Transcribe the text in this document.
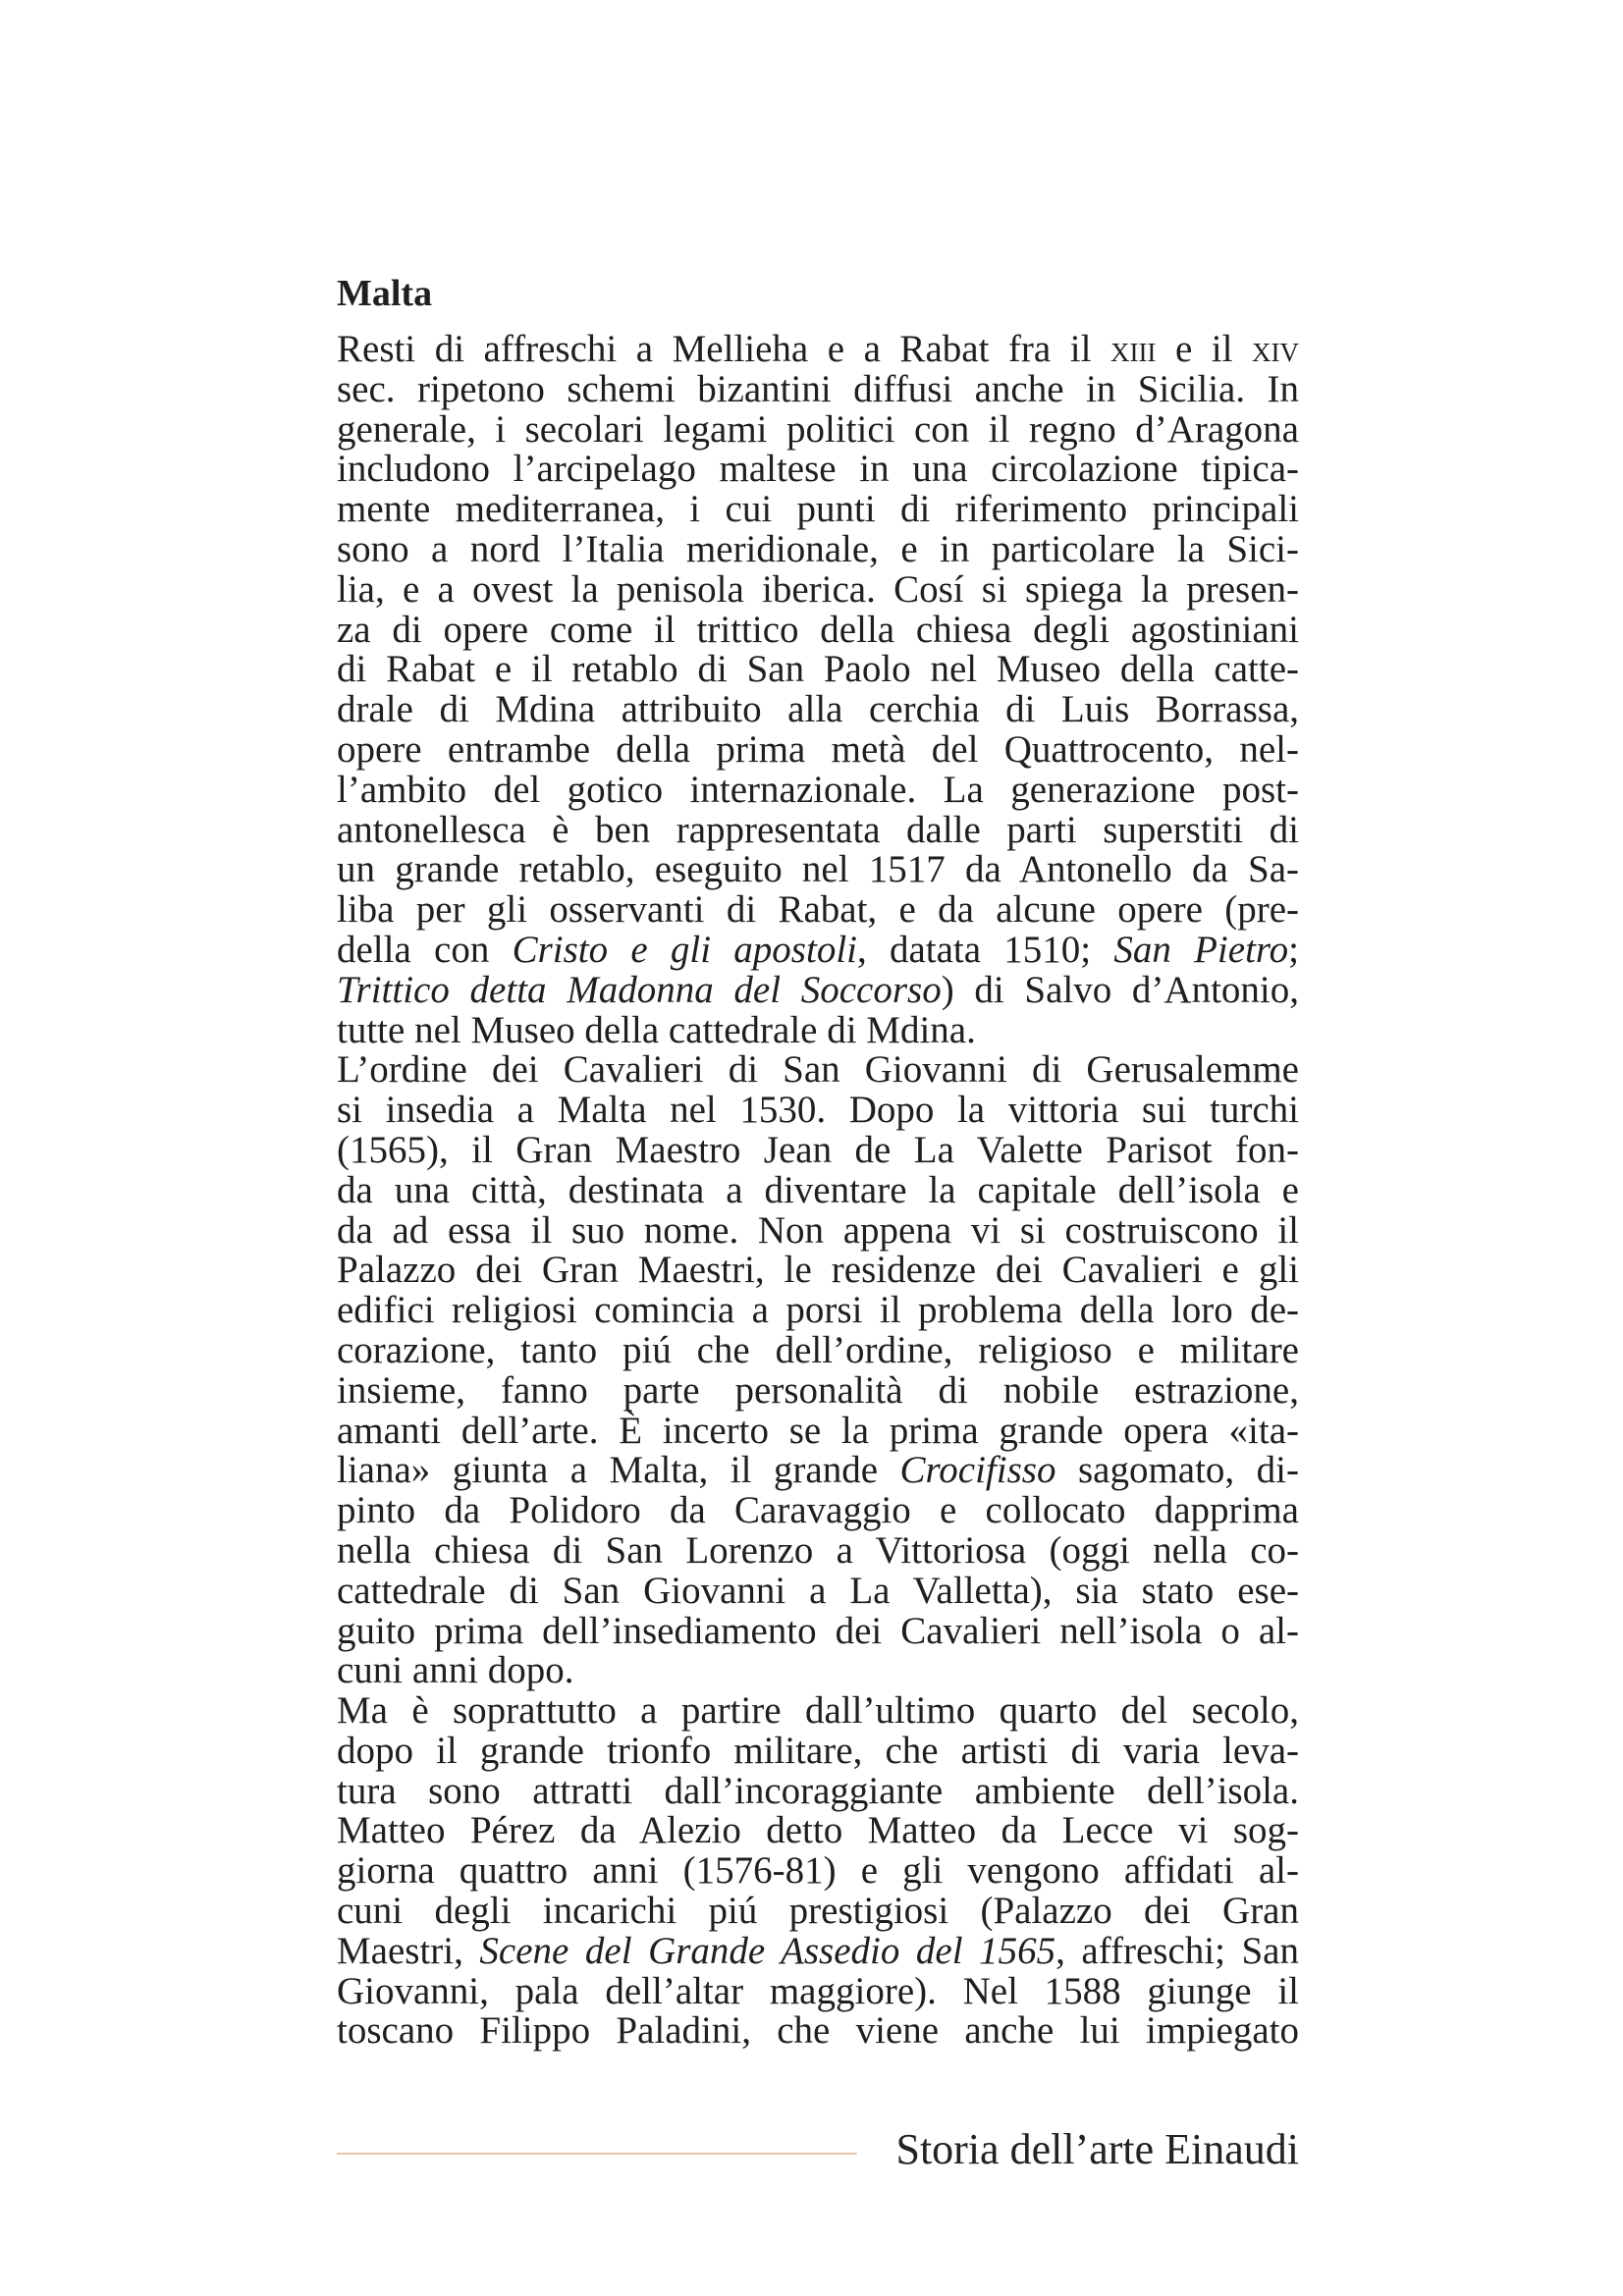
Malta
Resti di affreschi a Mellieha e a Rabat fra il xiii e il xiv
sec. ripetono schemi bizantini diffusi anche in Sicilia. In
generale, i secolari legami politici con il regno d’Aragona
includono l’arcipelago maltese in una circolazione tipica-
mente mediterranea, i cui punti di riferimento principali
sono a nord l’Italia meridionale, e in particolare la Sici-
lia, e a ovest la penisola iberica. Cosí si spiega la presen-
za di opere come il trittico della chiesa degli agostiniani
di Rabat e il retablo di San Paolo nel Museo della catte-
drale di Mdina attribuito alla cerchia di Luis Borrassa,
opere entrambe della prima metà del Quattrocento, nel-
l’ambito del gotico internazionale. La generazione post-
antonellesca è ben rappresentata dalle parti superstiti di
un grande retablo, eseguito nel 1517 da Antonello da Sa-
liba per gli osservanti di Rabat, e da alcune opere (pre-
della con Cristo e gli apostoli, datata 1510; San Pietro;
Trittico detta Madonna del Soccorso) di Salvo d’Antonio,
tutte nel Museo della cattedrale di Mdina.
L’ordine dei Cavalieri di San Giovanni di Gerusalemme
si insedia a Malta nel 1530. Dopo la vittoria sui turchi
(1565), il Gran Maestro Jean de La Valette Parisot fon-
da una città, destinata a diventare la capitale dell’isola e
da ad essa il suo nome. Non appena vi si costruiscono il
Palazzo dei Gran Maestri, le residenze dei Cavalieri e gli
edifici religiosi comincia a porsi il problema della loro de-
corazione, tanto piú che dell’ordine, religioso e militare
insieme, fanno parte personalità di nobile estrazione,
amanti dell’arte. È incerto se la prima grande opera «ita-
liana» giunta a Malta, il grande Crocifisso sagomato, di-
pinto da Polidoro da Caravaggio e collocato dapprima
nella chiesa di San Lorenzo a Vittoriosa (oggi nella co-
cattedrale di San Giovanni a La Valletta), sia stato ese-
guito prima dell’insediamento dei Cavalieri nell’isola o al-
cuni anni dopo.
Ma è soprattutto a partire dall’ultimo quarto del secolo,
dopo il grande trionfo militare, che artisti di varia leva-
tura sono attratti dall’incoraggiante ambiente dell’isola.
Matteo Pérez da Alezio detto Matteo da Lecce vi sog-
giorna quattro anni (1576-81) e gli vengono affidati al-
cuni degli incarichi piú prestigiosi (Palazzo dei Gran
Maestri, Scene del Grande Assedio del 1565, affreschi; San
Giovanni, pala dell’altar maggiore). Nel 1588 giunge il
toscano Filippo Paladini, che viene anche lui impiegato
Storia dell’arte Einaudi
